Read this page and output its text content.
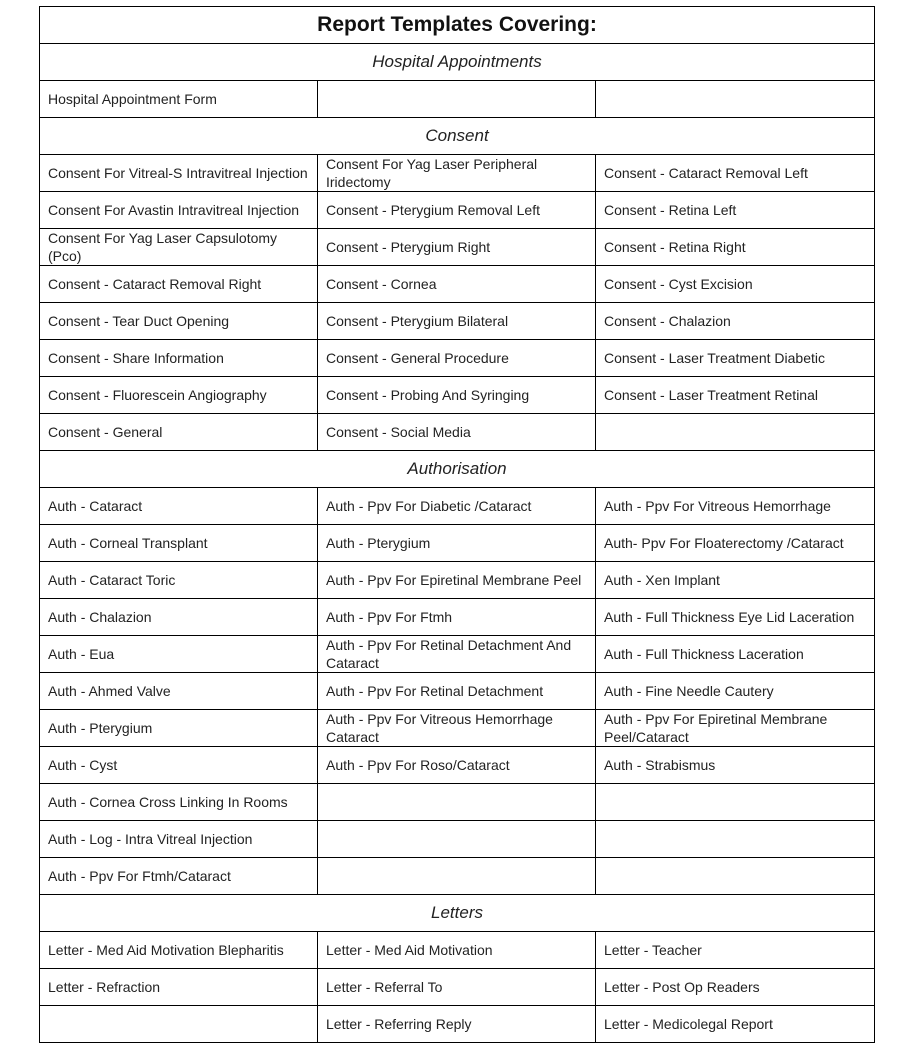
Report Templates Covering:		
Hospital Appointments		
Hospital Appointment Form		
Consent		
Consent For Vitreal-S Intravitreal Injection	Consent For Yag Laser Peripheral Iridectomy	Consent - Cataract Removal Left
Consent For Avastin Intravitreal Injection	Consent - Pterygium Removal Left	Consent - Retina Left
Consent For Yag Laser Capsulotomy (Pco)	Consent - Pterygium Right	Consent - Retina Right
Consent - Cataract Removal Right	Consent - Cornea	Consent - Cyst Excision
Consent - Tear Duct Opening	Consent - Pterygium Bilateral	Consent - Chalazion
Consent - Share Information	Consent - General Procedure	Consent - Laser Treatment Diabetic
Consent - Fluorescein Angiography	Consent - Probing And Syringing	Consent - Laser Treatment Retinal
Consent - General	Consent - Social Media	
Authorisation		
Auth - Cataract	Auth - Ppv For Diabetic /Cataract	Auth - Ppv For Vitreous Hemorrhage
Auth - Corneal Transplant	Auth - Pterygium	Auth- Ppv For Floaterectomy /Cataract
Auth - Cataract Toric	Auth - Ppv For Epiretinal Membrane Peel	Auth - Xen Implant
Auth - Chalazion	Auth - Ppv For Ftmh	Auth - Full Thickness Eye Lid Laceration
Auth - Eua	Auth - Ppv For Retinal Detachment And Cataract	Auth - Full Thickness Laceration
Auth - Ahmed Valve	Auth - Ppv For Retinal Detachment	Auth - Fine Needle Cautery
Auth - Pterygium	Auth - Ppv For Vitreous Hemorrhage Cataract	Auth - Ppv For Epiretinal Membrane Peel/Cataract
Auth - Cyst	Auth - Ppv For Roso/Cataract	Auth - Strabismus
Auth - Cornea Cross Linking In Rooms		
Auth - Log - Intra Vitreal Injection		
Auth - Ppv For Ftmh/Cataract		
Letters		
Letter - Med Aid Motivation Blepharitis	Letter - Med Aid Motivation	Letter - Teacher
Letter - Refraction	Letter - Referral To	Letter - Post Op Readers
	Letter - Referring Reply	Letter - Medicolegal Report
